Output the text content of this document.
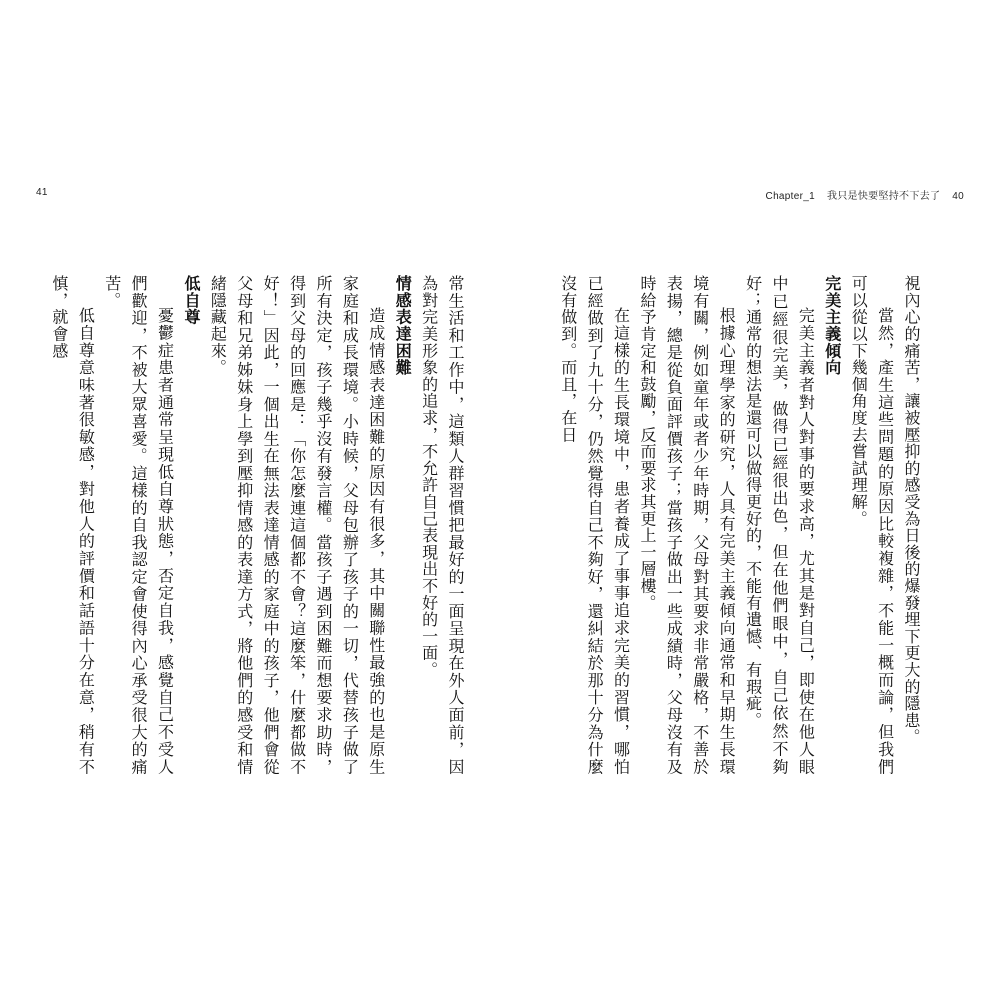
41	Chapter_1 我只是快要堅持不下去了 40

視內心的痛苦，讓被壓抑的感受為日後的爆發埋下更大的隱患。

當然，產生這些問題的原因比較複雜，不能一概而論，但我們可以從以下幾個角度去嘗試理解。

完美主義傾向

完美主義者對人對事的要求高，尤其是對自己，即使在他人眼中已經很完美，做得已經很出色，但在他們眼中，自己依然不夠好；通常的想法是還可以做得更好的，不能有遺憾、有瑕疵。

根據心理學家的研究，人具有完美主義傾向通常和早期生長環境有關，例如童年或者少年時期，父母對其要求非常嚴格，不善於表揚，總是從負面評價孩子；當孩子做出一些成績時，父母沒有及時給予肯定和鼓勵，反而要求其更上一層樓。

在這樣的生長環境中，患者養成了事事追求完美的習慣，哪怕已經做到了九十分，仍然覺得自己不夠好，還糾結於那十分為什麼沒有做到。而且，在日

常生活和工作中，這類人群習慣把最好的一面呈現在外人面前，因為對完美形象的追求，不允許自己表現出不好的一面。

情感表達困難

造成情感表達困難的原因有很多，其中關聯性最強的也是原生家庭和成長環境。小時候，父母包辦了孩子的一切，代替孩子做了所有決定，孩子幾乎沒有發言權。當孩子遇到困難而想要求助時，得到父母的回應是：「你怎麼連這個都不會？這麼笨，什麼都做不好！」因此，一個出生在無法表達情感的家庭中的孩子，他們會從父母和兄弟姊妹身上學到壓抑情感的表達方式，將他們的感受和情緒隱藏起來。

低自尊

憂鬱症患者通常呈現低自尊狀態，否定自我，感覺自己不受人們歡迎，不被大眾喜愛。這樣的自我認定會使得內心承受很大的痛苦。

低自尊意味著很敏感，對他人的評價和話語十分在意，稍有不慎，就會感
